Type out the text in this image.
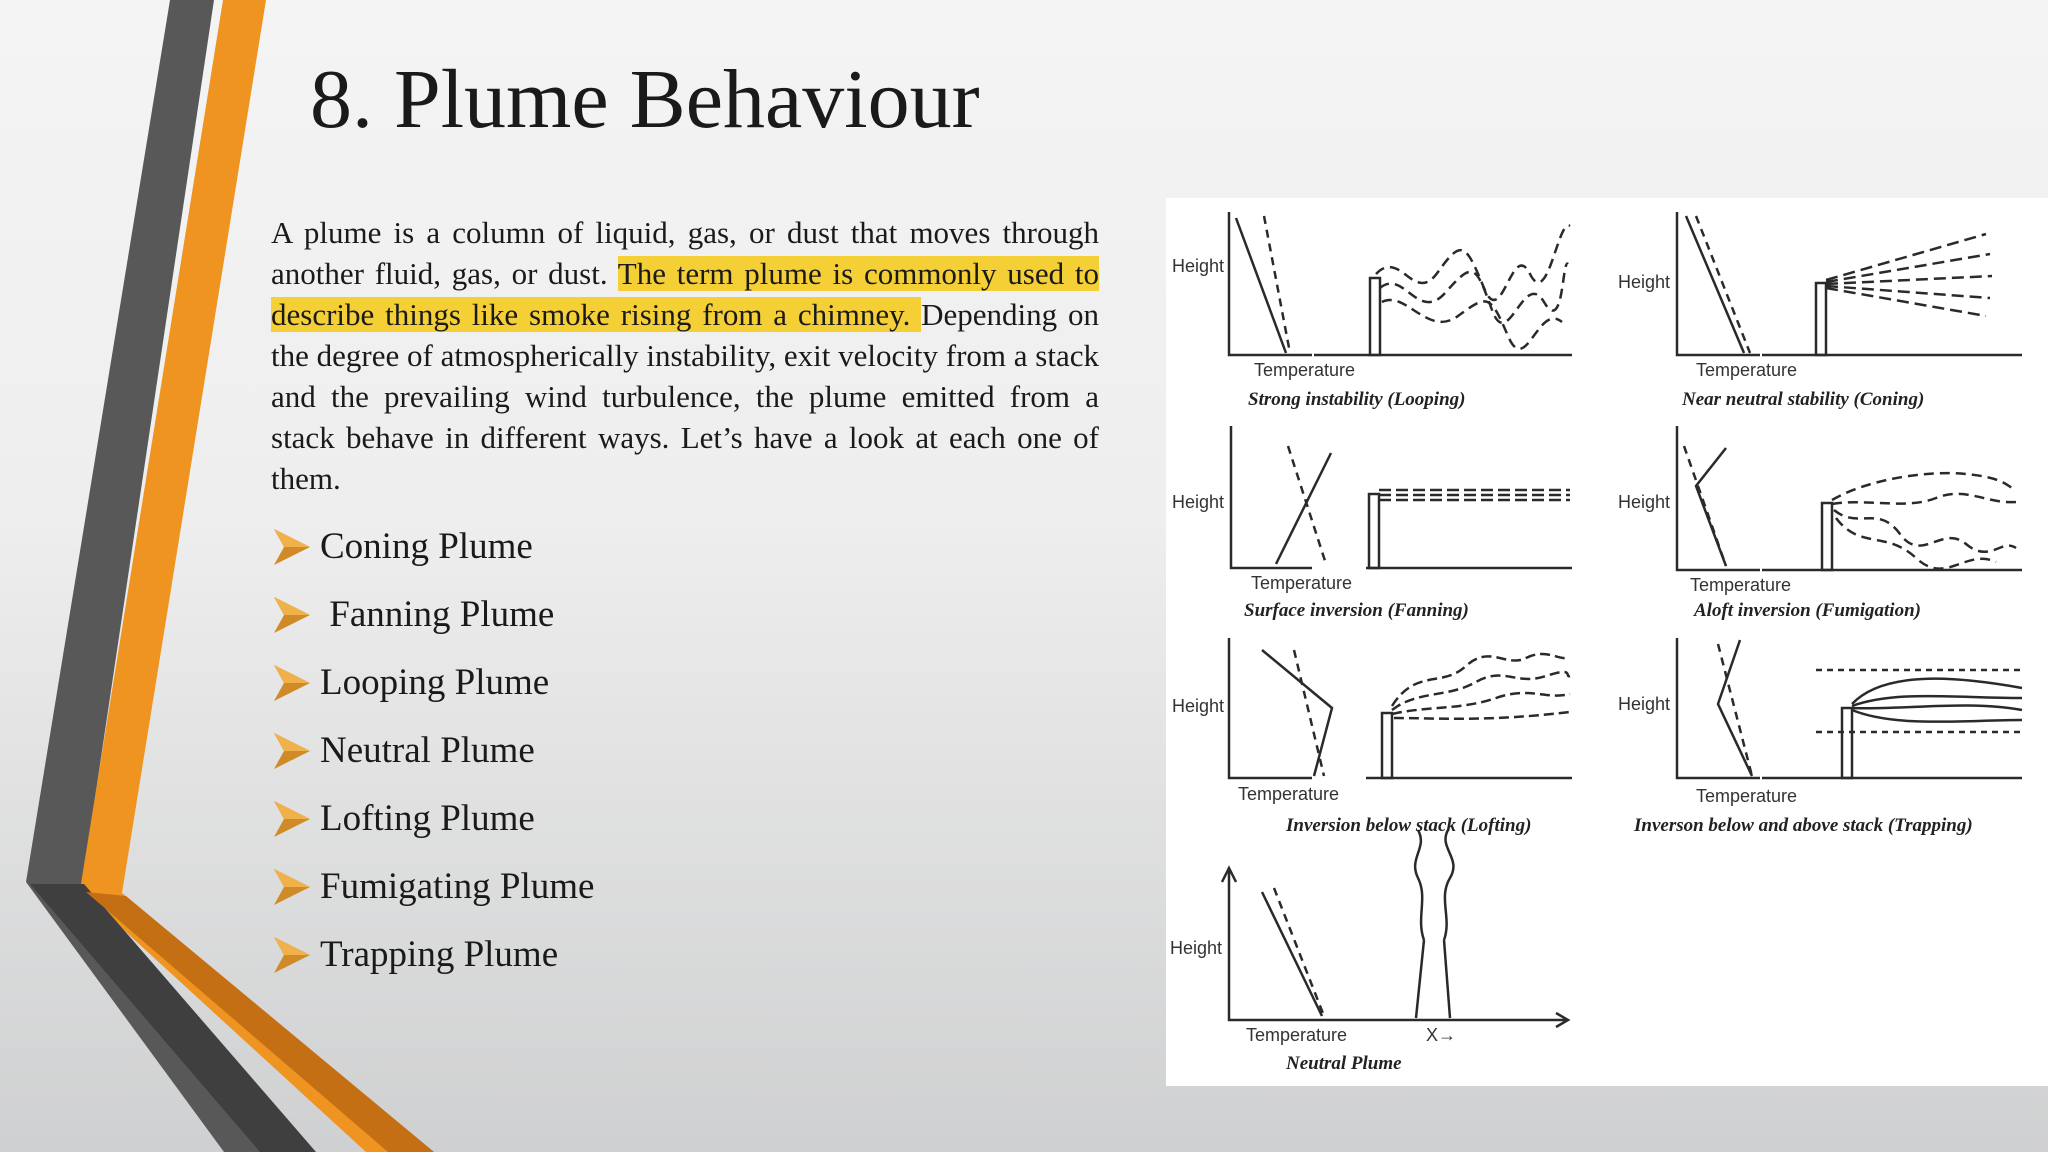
8. Plume Behaviour

A plume is a column of liquid, gas, or dust that moves through another fluid, gas, or dust. The term plume is commonly used to describe things like smoke rising from a chimney. Depending on the degree of atmospherically instability, exit velocity from a stack and the prevailing wind turbulence, the plume emitted from a stack behave in different ways. Let’s have a look at each one of them.

Coning Plume
Fanning Plume
Looping Plume
Neutral Plume
Lofting Plume
Fumigating Plume
Trapping Plume
Height
Temperature
Height
Temperature
Height
Temperature
Height
Temperature
Height
Temperature
Height
Temperature
Height
Temperature	X→
Strong instability (Looping)	Near neutral stability (Coning)
Surface inversion (Fanning)	Aloft inversion (Fumigation)
Inversion below stack (Lofting)	Inverson below and above stack (Trapping)
Neutral Plume
